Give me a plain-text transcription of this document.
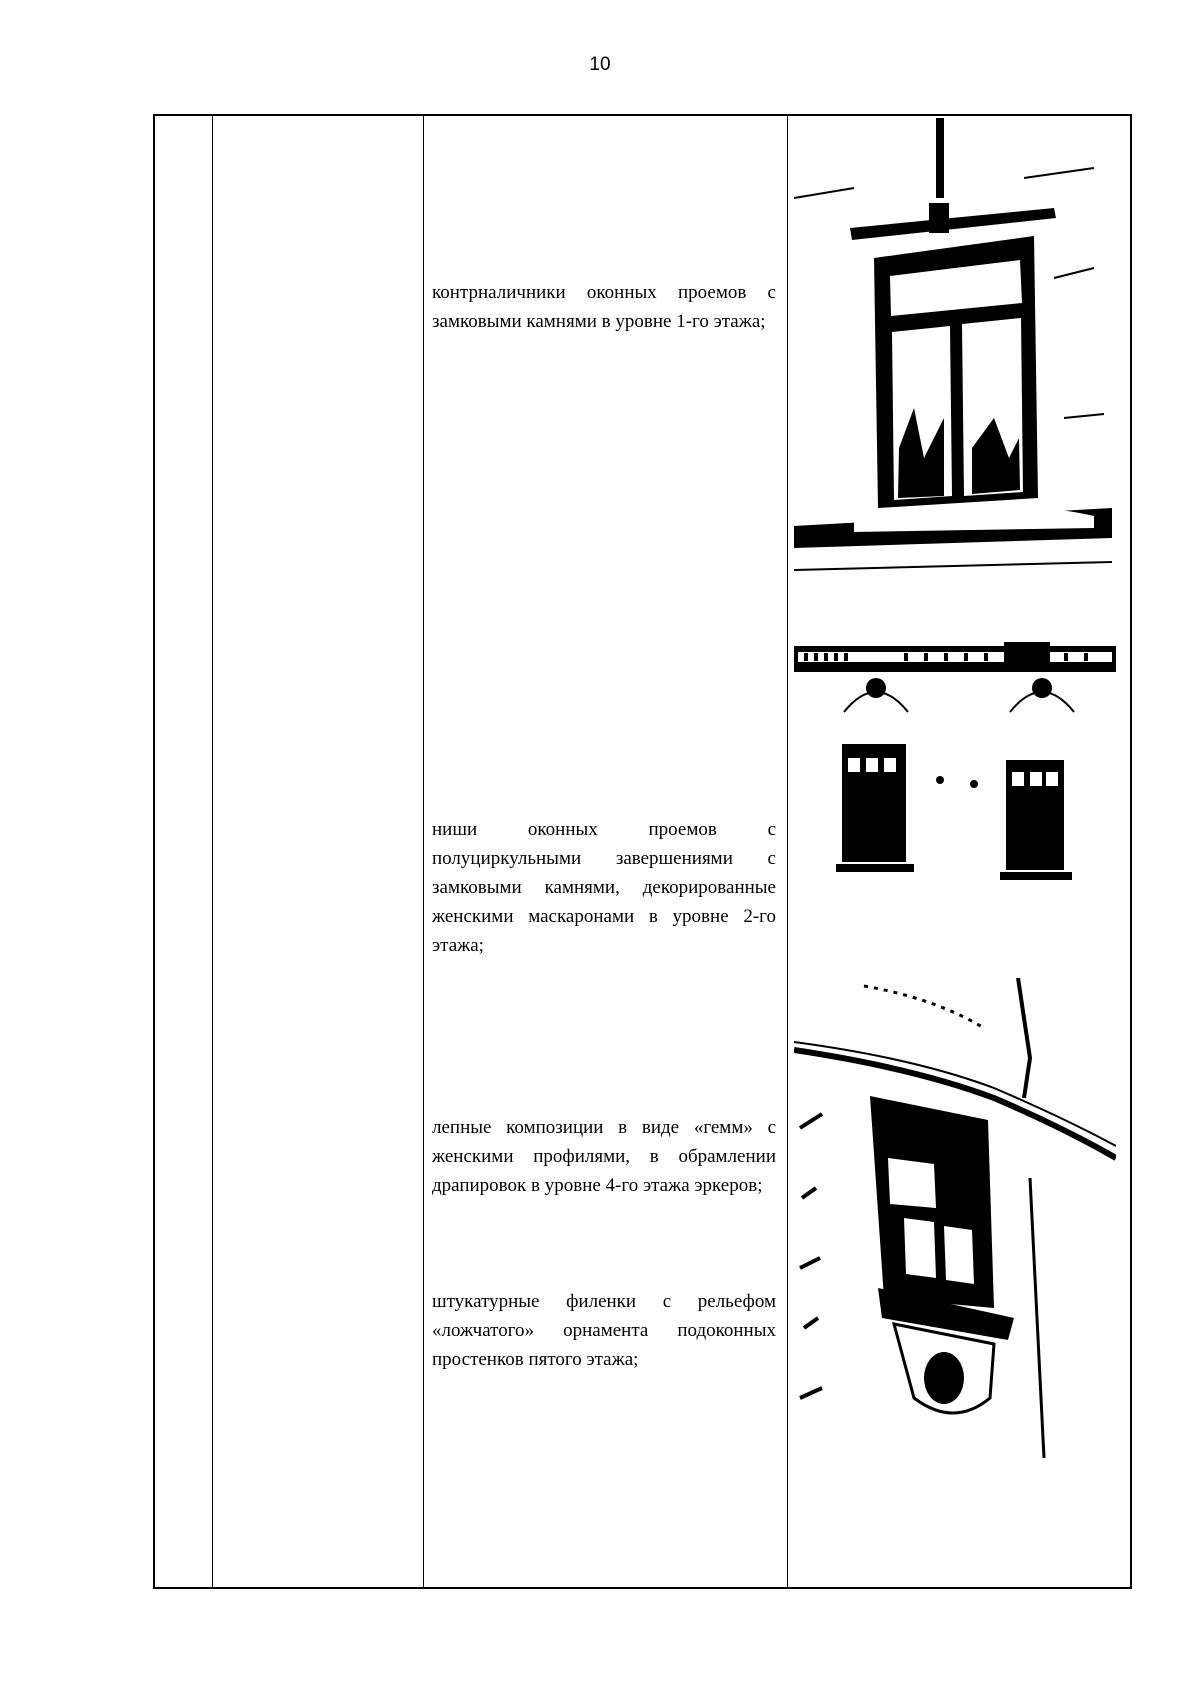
10

контрналичники оконных проемов с замковыми камнями в уровне 1-го этажа;

ниши оконных проемов с полуциркульными завершениями с замковыми камнями, декорированные женскими маскаронами в уровне 2-го этажа;

лепные композиции в виде «гемм» с женскими профилями, в обрамлении драпировок в уровне 4-го этажа эркеров;

штукатурные филенки с рельефом «ложчатого» орнамента подоконных простенков пятого этажа;
